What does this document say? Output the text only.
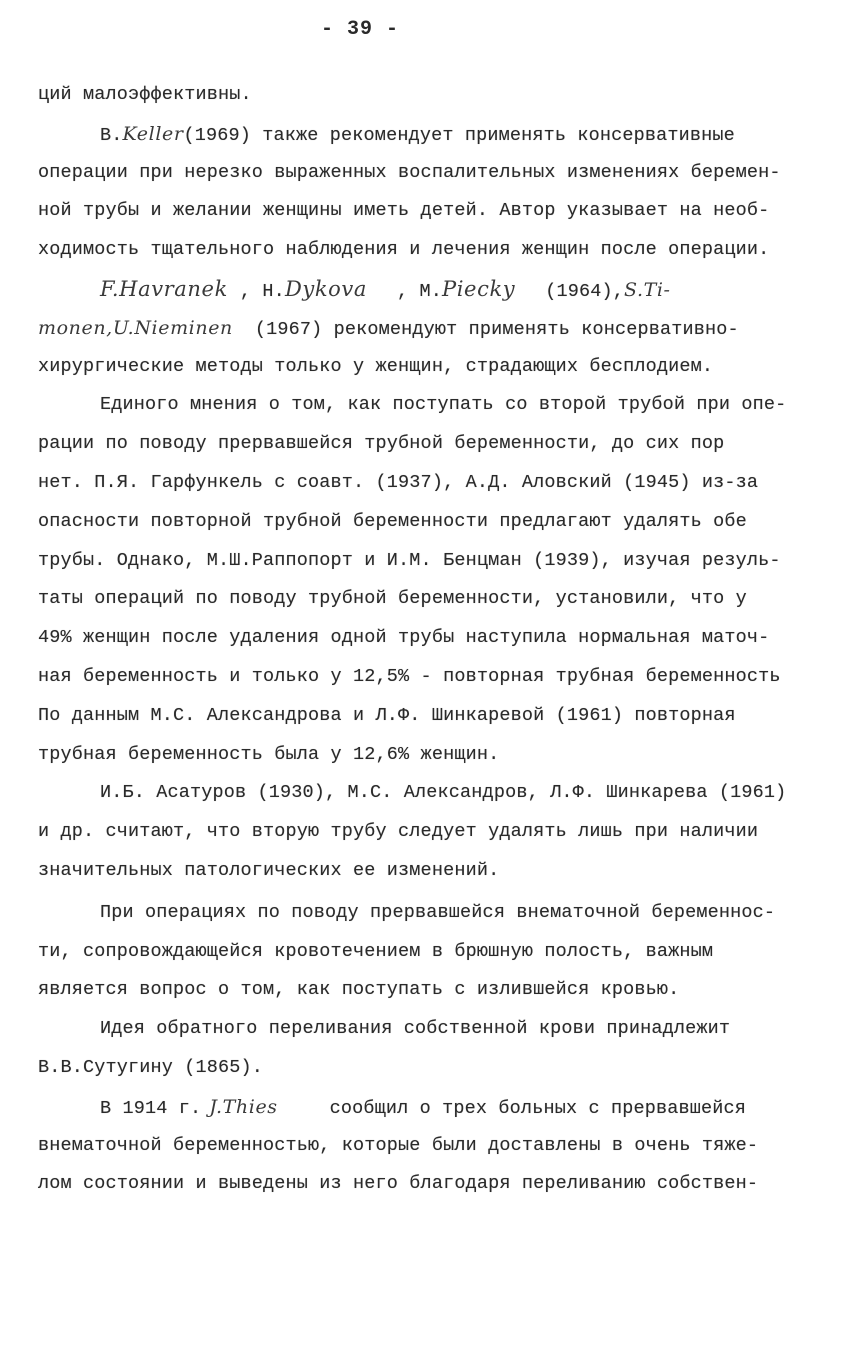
- 39 -
ций малоэффективны.
В.Keller(1969) также рекомендует применять консервативные
операции при нерезко выраженных воспалительных изменениях беремен-
ной трубы и желании женщины иметь детей. Автор указывает на необ-
ходимость тщательного наблюдения и лечения женщин после операции.
F.Havranek , Н.Dykova , М.Piecky (1964),S.Ti-
monen,U.Nieminen (1967) рекомендуют применять консервативно-
хирургические методы только у женщин, страдающих бесплодием.
Единого мнения о том, как поступать со второй трубой при опе-
рации по поводу прервавшейся трубной беременности, до сих пор
нет. П.Я. Гарфункель с соавт. (1937), А.Д. Аловский (1945) из-за
опасности повторной трубной беременности предлагают удалять обе
трубы. Однако, М.Ш.Раппопорт и И.М. Бенцман (1939), изучая резуль-
таты операций по поводу трубной беременности, установили, что у
49% женщин после удаления одной трубы наступила нормальная маточ-
ная беременность и только у 12,5% - повторная трубная беременность
По данным М.С. Александрова и Л.Ф. Шинкаревой (1961) повторная
трубная беременность была у 12,6% женщин.
И.Б. Асатуров (1930), М.С. Александров, Л.Ф. Шинкарева (1961)
и др. считают, что вторую трубу следует удалять лишь при наличии
значительных патологических ее изменений.
При операциях по поводу прервавшейся внематочной беременнос-
ти, сопровождающейся кровотечением в брюшную полость, важным
является вопрос о том, как поступать с излившейся кровью.
Идея обратного переливания собственной крови принадлежит
В.В.Сутугину (1865).
В 1914 г. J.Thies	сообщил о трех больных с прервавшейся
внематочной беременностью, которые были доставлены в очень тяже-
лом состоянии и выведены из него благодаря переливанию собствен-
